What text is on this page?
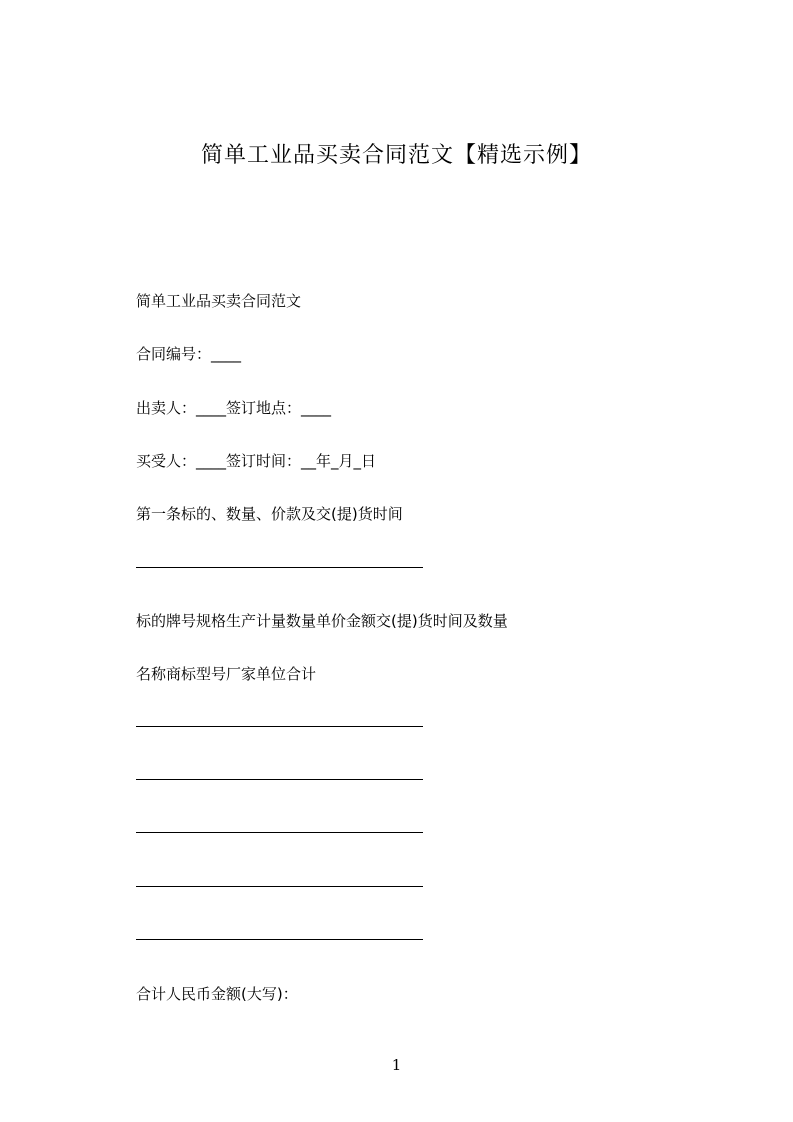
简单工业品买卖合同范文【精选示例】
简单工业品买卖合同范文
合同编号：____
出卖人：____签订地点：____
买受人：____签订时间：__年_月_日
第一条标的、数量、价款及交(提)货时间
标的牌号规格生产计量数量单价金额交(提)货时间及数量
名称商标型号厂家单位合计
合计人民币金额(大写)：
1
